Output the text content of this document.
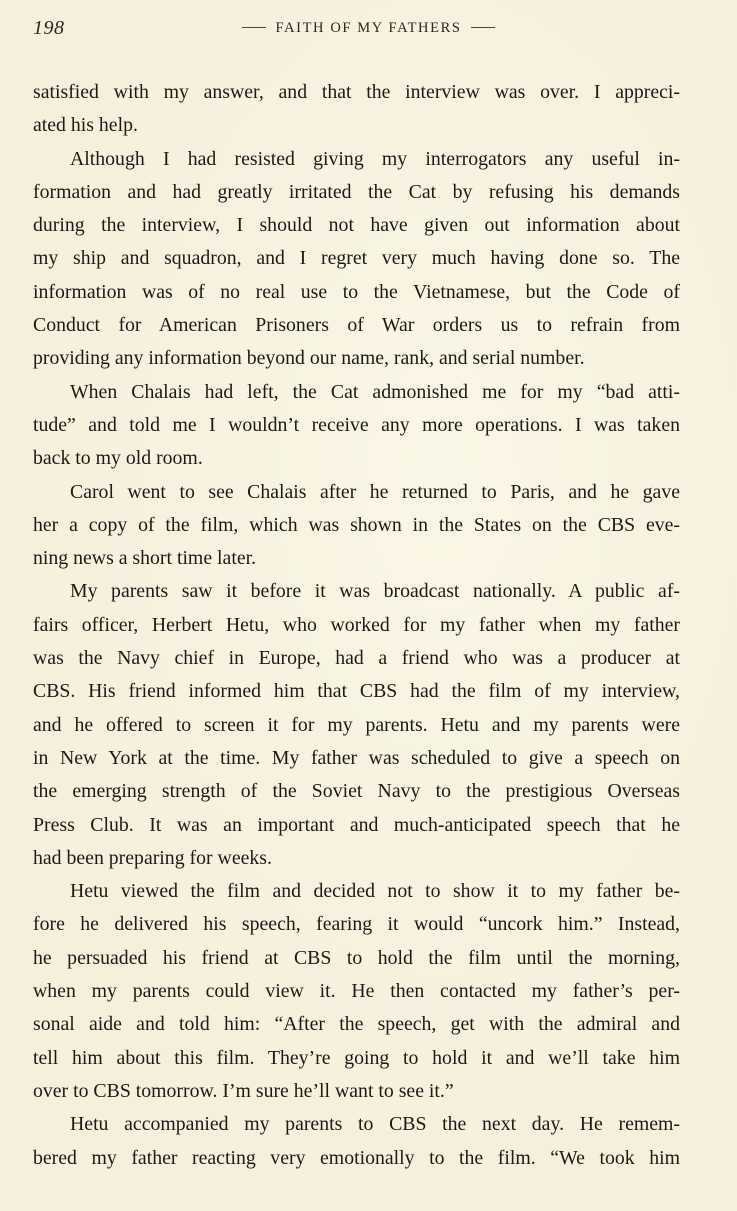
198	FAITH OF MY FATHERS
satisfied with my answer, and that the interview was over. I appreci-
ated his help.
Although I had resisted giving my interrogators any useful in-
formation and had greatly irritated the Cat by refusing his demands
during the interview, I should not have given out information about
my ship and squadron, and I regret very much having done so. The
information was of no real use to the Vietnamese, but the Code of
Conduct for American Prisoners of War orders us to refrain from
providing any information beyond our name, rank, and serial number.
When Chalais had left, the Cat admonished me for my “bad atti-
tude” and told me I wouldn’t receive any more operations. I was taken
back to my old room.
Carol went to see Chalais after he returned to Paris, and he gave
her a copy of the film, which was shown in the States on the CBS eve-
ning news a short time later.
My parents saw it before it was broadcast nationally. A public af-
fairs officer, Herbert Hetu, who worked for my father when my father
was the Navy chief in Europe, had a friend who was a producer at
CBS. His friend informed him that CBS had the film of my interview,
and he offered to screen it for my parents. Hetu and my parents were
in New York at the time. My father was scheduled to give a speech on
the emerging strength of the Soviet Navy to the prestigious Overseas
Press Club. It was an important and much-anticipated speech that he
had been preparing for weeks.
Hetu viewed the film and decided not to show it to my father be-
fore he delivered his speech, fearing it would “uncork him.” Instead,
he persuaded his friend at CBS to hold the film until the morning,
when my parents could view it. He then contacted my father’s per-
sonal aide and told him: “After the speech, get with the admiral and
tell him about this film. They’re going to hold it and we’ll take him
over to CBS tomorrow. I’m sure he’ll want to see it.”
Hetu accompanied my parents to CBS the next day. He remem-
bered my father reacting very emotionally to the film. “We took him
